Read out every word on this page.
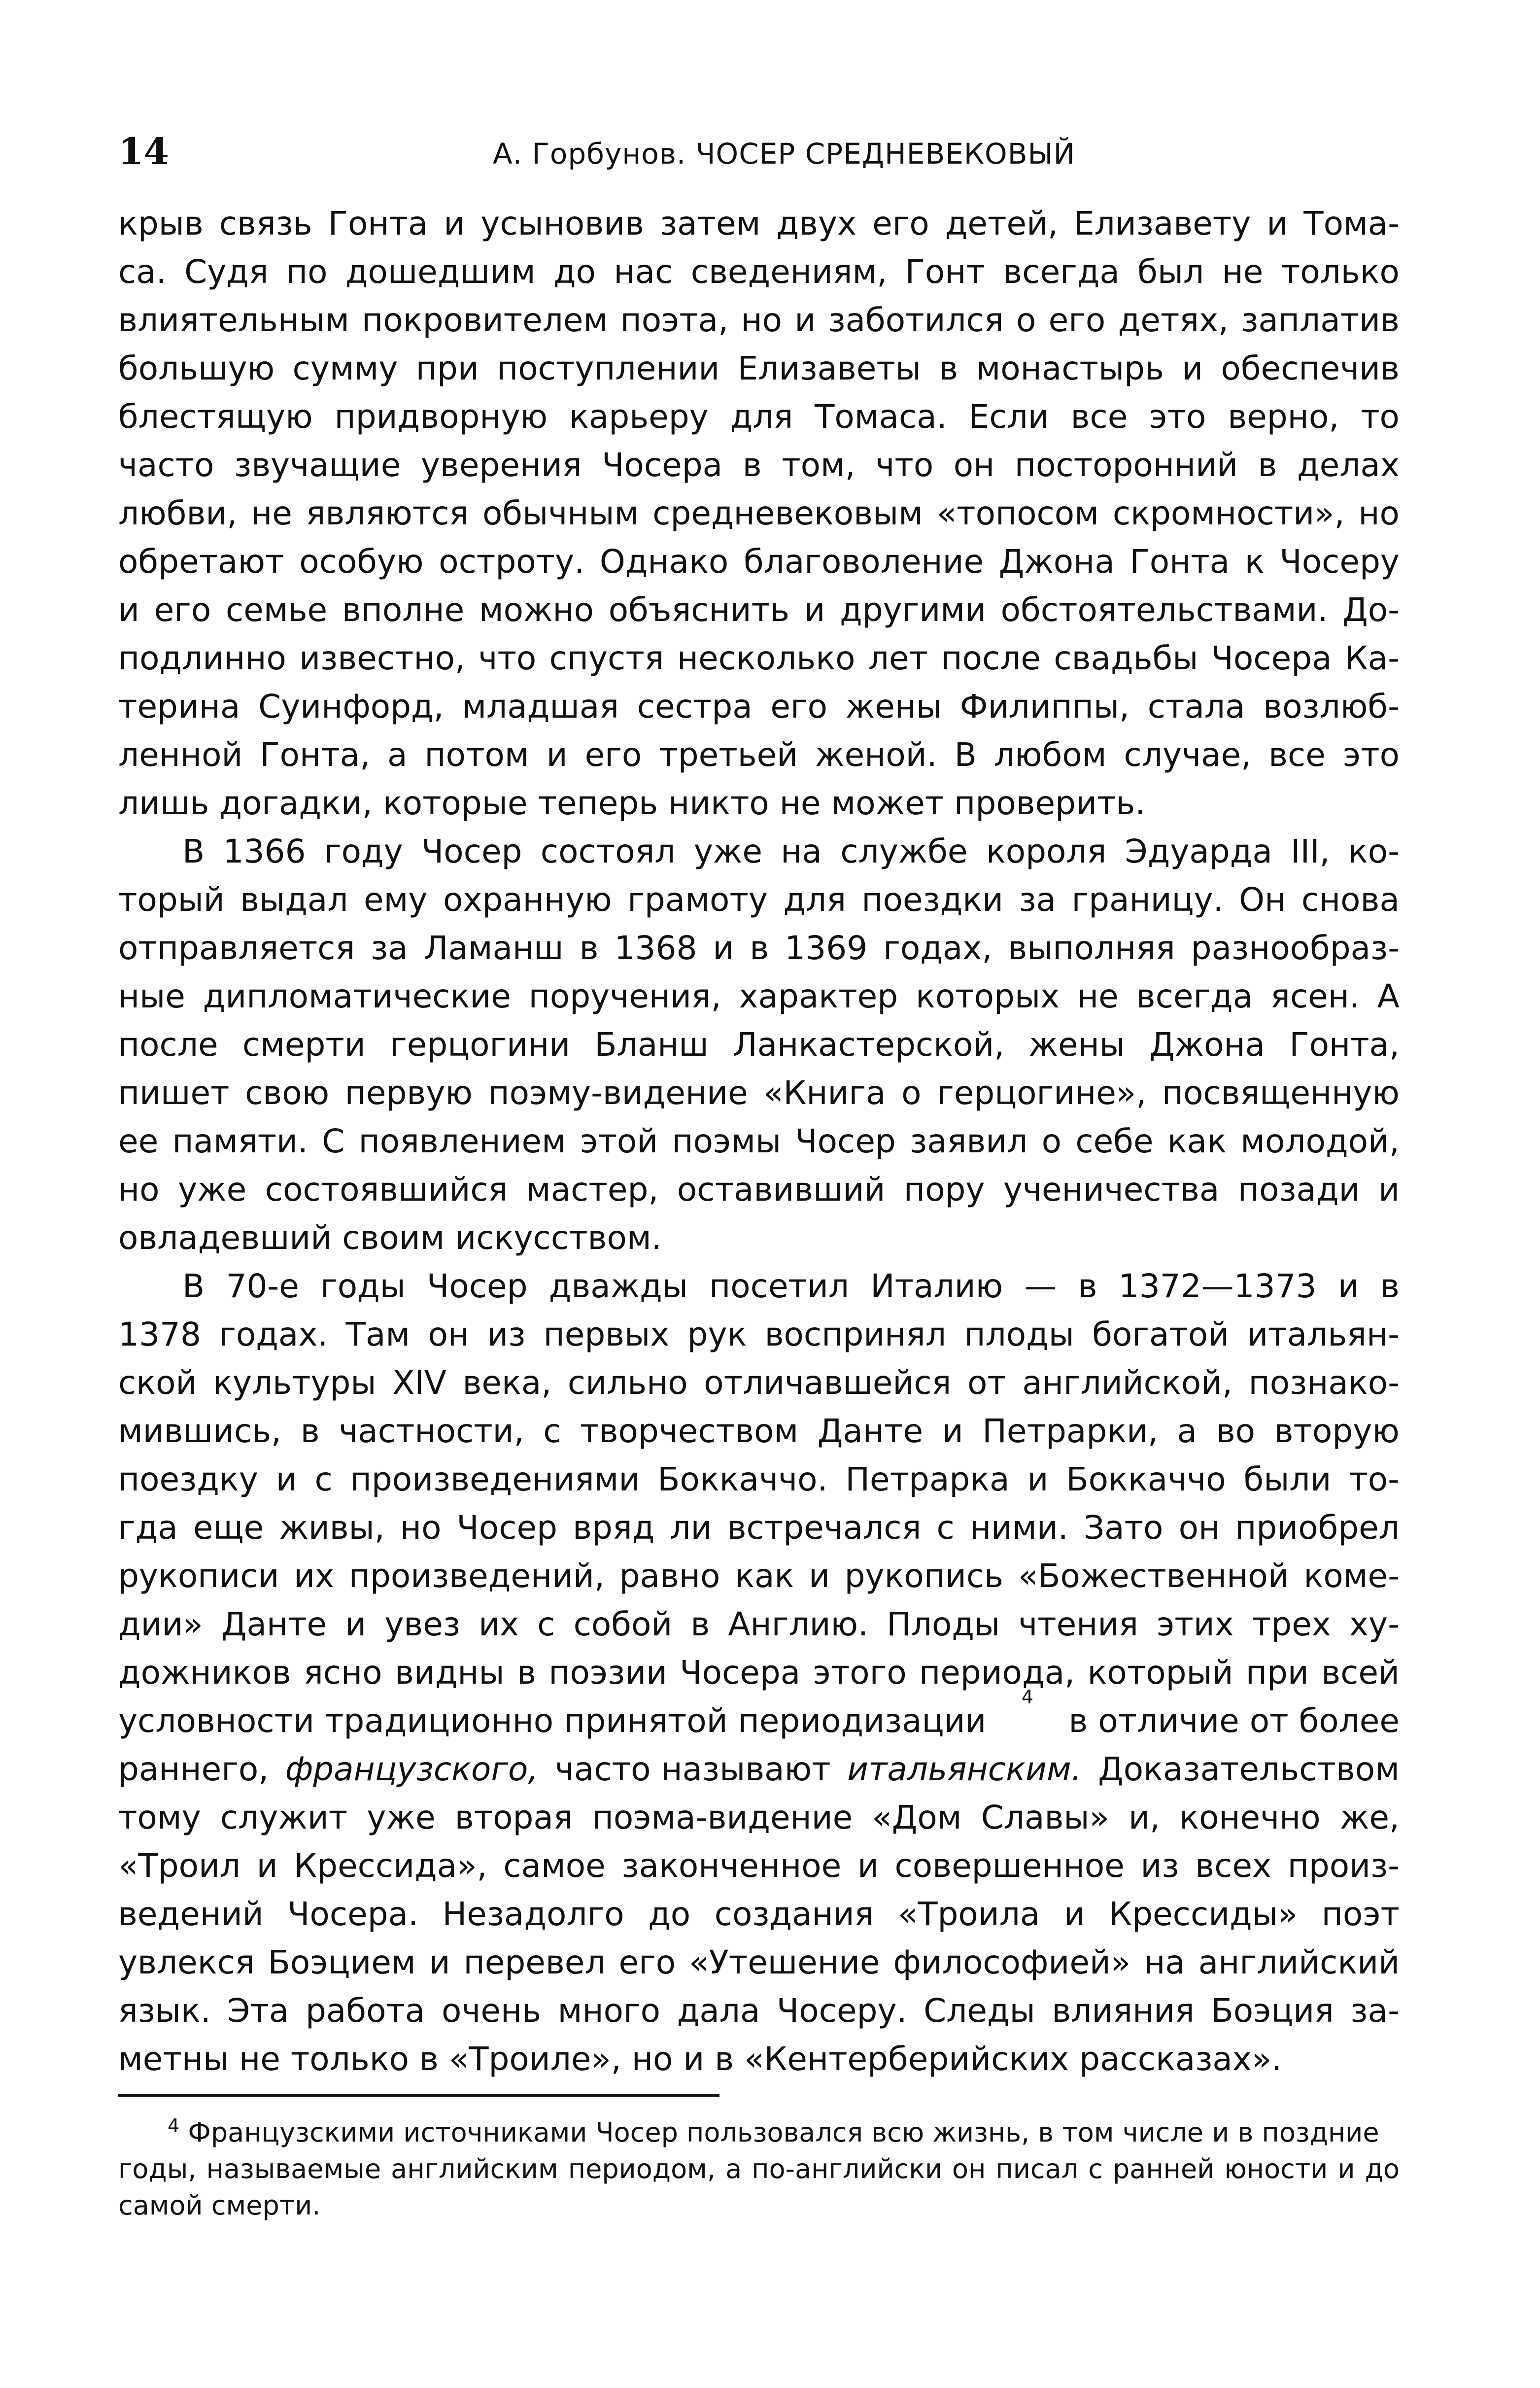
14	А. Горбунов. ЧОСЕР СРЕДНЕВЕКОВЫЙ
крыв связь Гонта и усыновив затем двух его детей, Елизавету и Тома-
са. Судя по дошедшим до нас сведениям, Гонт всегда был не только
влиятельным покровителем поэта, но и заботился о его детях, заплатив
большую сумму при поступлении Елизаветы в монастырь и обеспечив
блестящую придворную карьеру для Томаса. Если все это верно, то
часто звучащие уверения Чосера в том, что он посторонний в делах
любви, не являются обычным средневековым «топосом скромности», но
обретают особую остроту. Однако благоволение Джона Гонта к Чосеру
и его семье вполне можно объяснить и другими обстоятельствами. До-
подлинно известно, что спустя несколько лет после свадьбы Чосера Ка-
терина Суинфорд, младшая сестра его жены Филиппы, стала возлюб-
ленной Гонта, а потом и его третьей женой. В любом случае, все это
лишь догадки, которые теперь никто не может проверить.
В 1366 году Чосер состоял уже на службе короля Эдуарда III, ко-
торый выдал ему охранную грамоту для поездки за границу. Он снова
отправляется за Ламанш в 1368 и в 1369 годах, выполняя разнообраз-
ные дипломатические поручения, характер которых не всегда ясен. А
после смерти герцогини Бланш Ланкастерской, жены Джона Гонта,
пишет свою первую поэму-видение «Книга о герцогине», посвященную
ее памяти. С появлением этой поэмы Чосер заявил о себе как молодой,
но уже состоявшийся мастер, оставивший пору ученичества позади и
овладевший своим искусством.
В 70-е годы Чосер дважды посетил Италию — в 1372—1373 и в
1378 годах. Там он из первых рук воспринял плоды богатой итальян-
ской культуры XIV века, сильно отличавшейся от английской, познако-
мившись, в частности, с творчеством Данте и Петрарки, а во вторую
поездку и с произведениями Боккаччо. Петрарка и Боккаччо были то-
гда еще живы, но Чосер вряд ли встречался с ними. Зато он приобрел
рукописи их произведений, равно как и рукопись «Божественной коме-
дии» Данте и увез их с собой в Англию. Плоды чтения этих трех ху-
дожников ясно видны в поэзии Чосера этого периода, который при всей
условности традиционно принятой периодизации
4
в отличие от более
раннего, французского, часто называют итальянским. Доказательством
тому служит уже вторая поэма-видение «Дом Славы» и, конечно же,
«Троил и Крессида», самое законченное и совершенное из всех произ-
ведений Чосера. Незадолго до создания «Троила и Крессиды» поэт
увлекся Боэцием и перевел его «Утешение философией» на английский
язык. Эта работа очень много дала Чосеру. Следы влияния Боэция за-
метны не только в «Троиле», но и в «Кентерберийских рассказах».
$^4$ Французскими источниками Чосер пользовался всю жизнь, в том числе и в поздние
годы, называемые английским периодом, а по-английски он писал с ранней юности и до
самой смерти.
